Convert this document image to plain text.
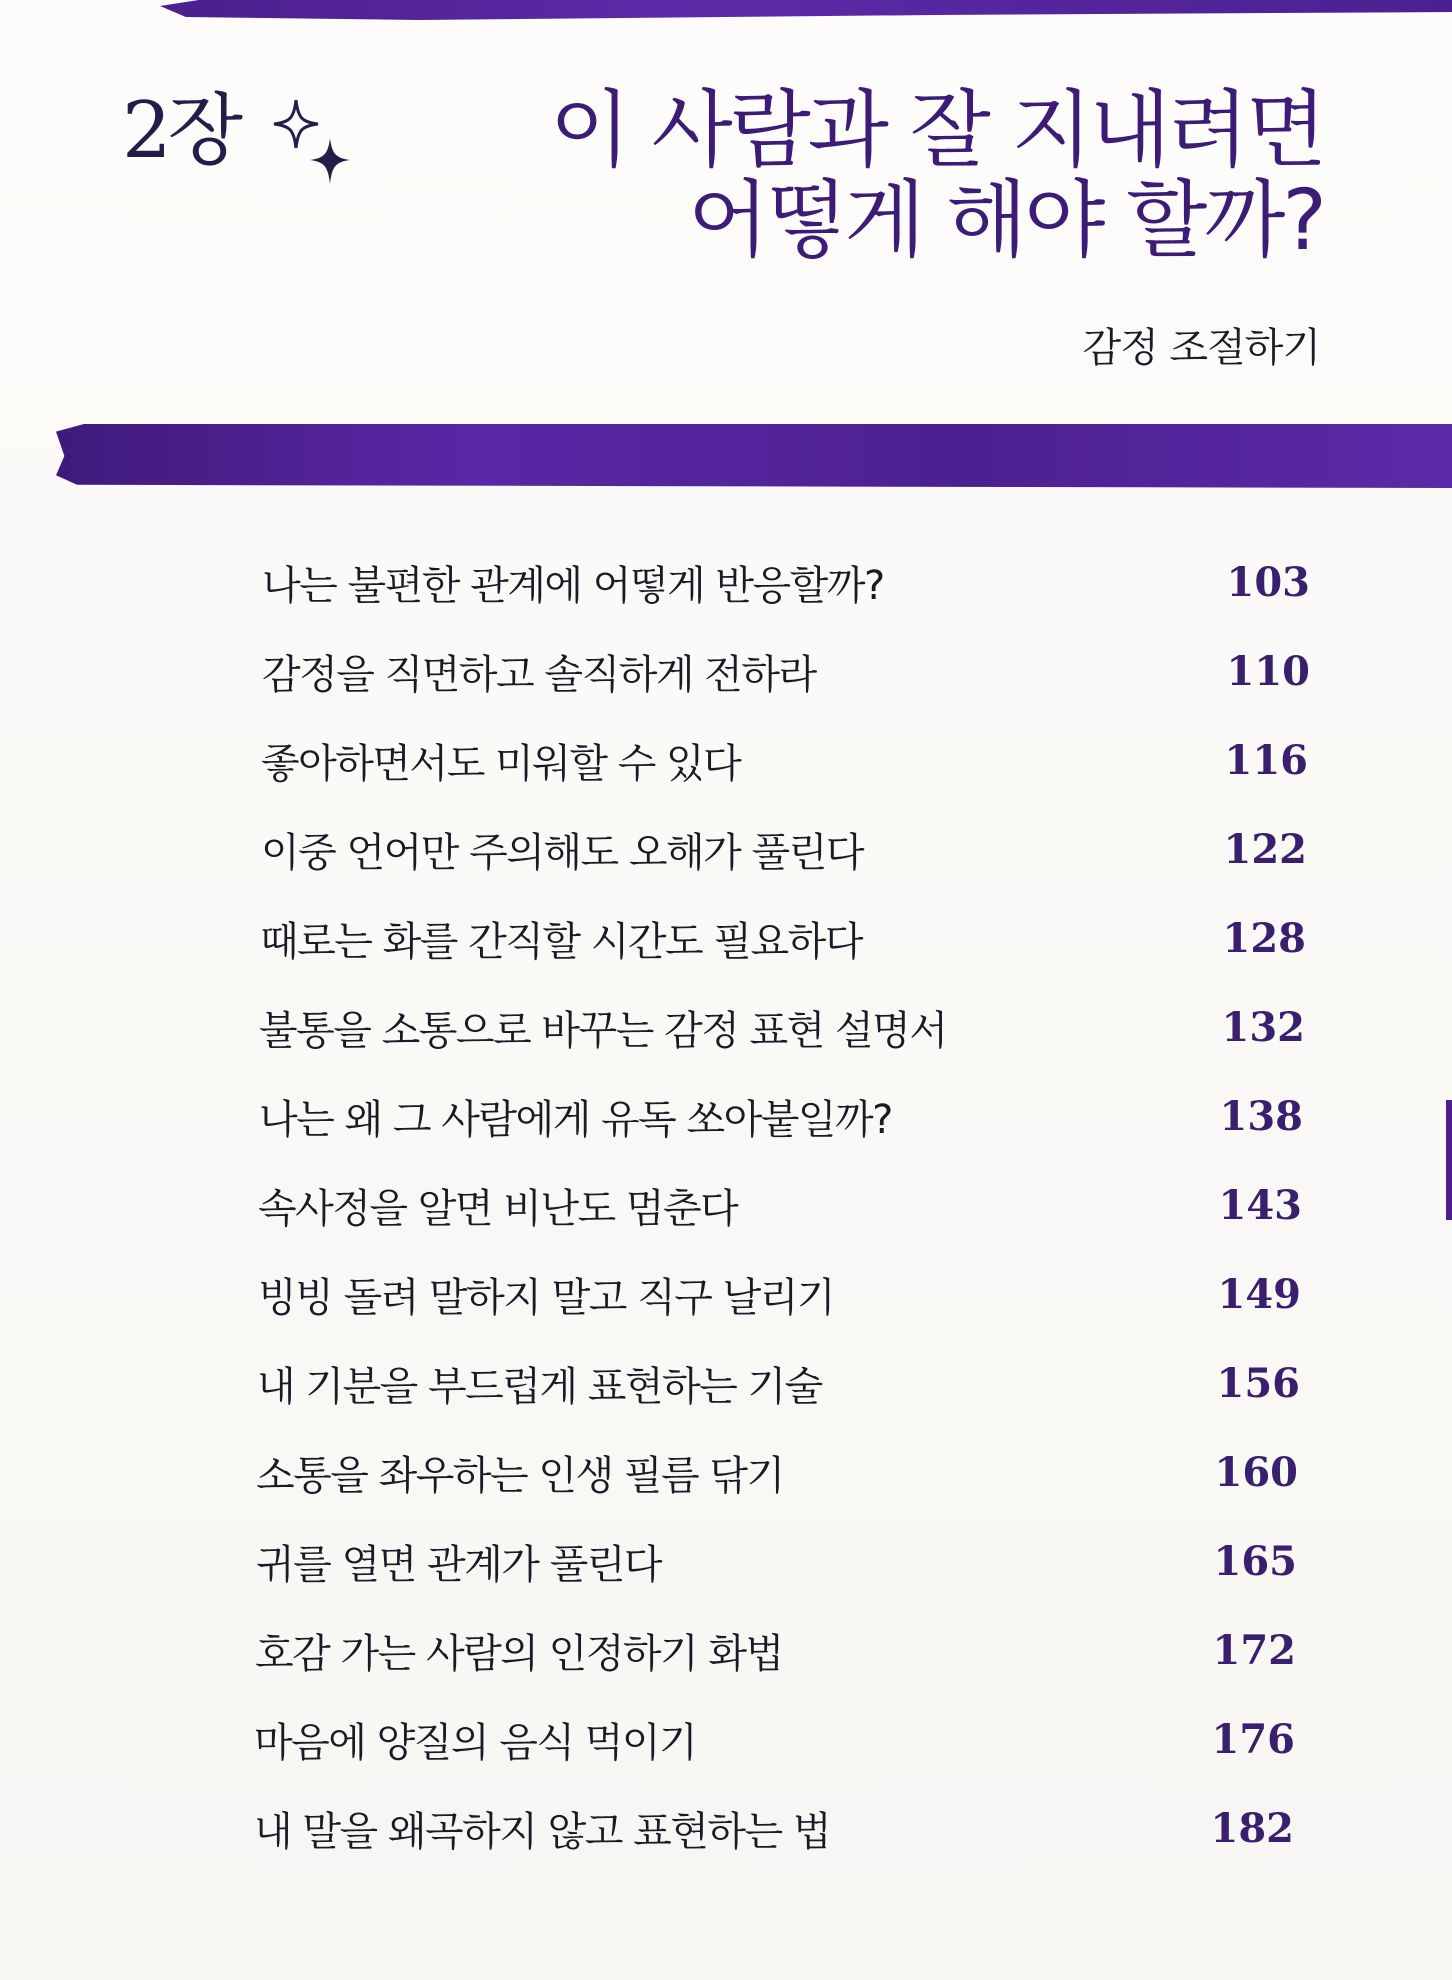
2장	이 사람과 잘 지내려면
어떻게 해야 할까?
감정 조절하기
나는 불편한 관계에 어떻게 반응할까?	103
감정을 직면하고 솔직하게 전하라	110
좋아하면서도 미워할 수 있다	116
이중 언어만 주의해도 오해가 풀린다	122
때로는 화를 간직할 시간도 필요하다	128
불통을 소통으로 바꾸는 감정 표현 설명서	132
나는 왜 그 사람에게 유독 쏘아붙일까?	138
속사정을 알면 비난도 멈춘다	143
빙빙 돌려 말하지 말고 직구 날리기	149
내 기분을 부드럽게 표현하는 기술	156
소통을 좌우하는 인생 필름 닦기	160
귀를 열면 관계가 풀린다	165
호감 가는 사람의 인정하기 화법	172
마음에 양질의 음식 먹이기	176
내 말을 왜곡하지 않고 표현하는 법	182
